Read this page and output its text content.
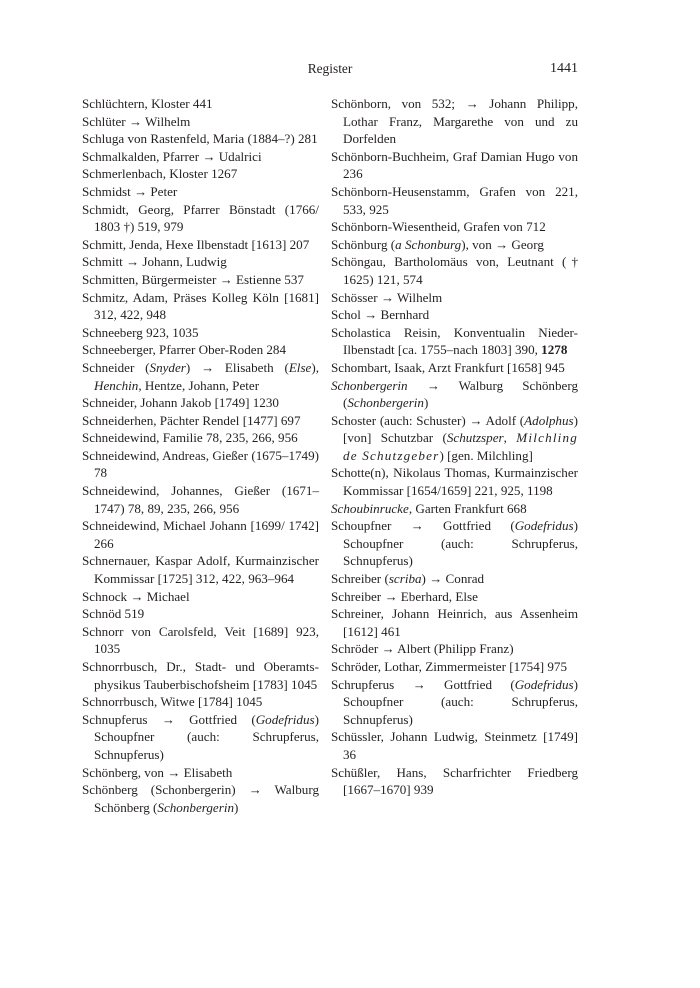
Register	1441
Schlüchtern, Kloster 441
Schlüter → Wilhelm
Schluga von Rastenfeld, Maria (1884–?) 281
Schmalkalden, Pfarrer → Udalrici
Schmerlenbach, Kloster 1267
Schmidst → Peter
Schmidt, Georg, Pfarrer Bönstadt (1766/ 1803 †) 519, 979
Schmitt, Jenda, Hexe Ilbenstadt [1613] 207
Schmitt → Johann, Ludwig
Schmitten, Bürgermeister → Estienne 537
Schmitz, Adam, Präses Kolleg Köln [1681] 312, 422, 948
Schneeberg 923, 1035
Schneeberger, Pfarrer Ober-Roden 284
Schneider (Snyder) → Elisabeth (Else), Henchin, Hentze, Johann, Peter
Schneider, Johann Jakob [1749] 1230
Schneiderhen, Pächter Rendel [1477] 697
Schneidewind, Familie 78, 235, 266, 956
Schneidewind, Andreas, Gießer (1675–1749) 78
Schneidewind, Johannes, Gießer (1671–1747) 78, 89, 235, 266, 956
Schneidewind, Michael Johann [1699/ 1742] 266
Schnernauer, Kaspar Adolf, Kurmainzischer Kommissar [1725] 312, 422, 963–964
Schnock → Michael
Schnöd 519
Schnorr von Carolsfeld, Veit [1689] 923, 1035
Schnorrbusch, Dr., Stadt- und Oberamtsphysikus Tauberbischofsheim [1783] 1045
Schnorrbusch, Witwe [1784] 1045
Schnupferus → Gottfried (Godefridus) Schoupfner (auch: Schrupferus, Schnupferus)
Schönberg, von → Elisabeth
Schönberg (Schonbergerin) → Walburg Schönberg (Schonbergerin)
Schönborn, von 532; → Johann Philipp, Lothar Franz, Margarethe von und zu Dorfelden
Schönborn-Buchheim, Graf Damian Hugo von 236
Schönborn-Heusenstamm, Grafen von 221, 533, 925
Schönborn-Wiesentheid, Grafen von 712
Schönburg (a Schonburg), von → Georg
Schöngau, Bartholomäus von, Leutnant († 1625) 121, 574
Schösser → Wilhelm
Schol → Bernhard
Scholastica Reisin, Konventualin Nieder-Ilbenstadt [ca. 1755–nach 1803] 390, 1278
Schombart, Isaak, Arzt Frankfurt [1658] 945
Schonbergerin → Walburg Schönberg (Schonbergerin)
Schoster (auch: Schuster) → Adolf (Adolphus) [von] Schutzbar (Schutzsper, Milchling de Schutzgeber) [gen. Milchling]
Schotte(n), Nikolaus Thomas, Kurmainzischer Kommissar [1654/1659] 221, 925, 1198
Schoubinrucke, Garten Frankfurt 668
Schoupfner → Gottfried (Godefridus) Schoupfner (auch: Schrupferus, Schnupferus)
Schreiber (scriba) → Conrad
Schreiber → Eberhard, Else
Schreiner, Johann Heinrich, aus Assenheim [1612] 461
Schröder → Albert (Philipp Franz)
Schröder, Lothar, Zimmermeister [1754] 975
Schrupferus → Gottfried (Godefridus) Schoupfner (auch: Schrupferus, Schnupferus)
Schüssler, Johann Ludwig, Steinmetz [1749] 36
Schüßler, Hans, Scharfrichter Friedberg [1667–1670] 939
